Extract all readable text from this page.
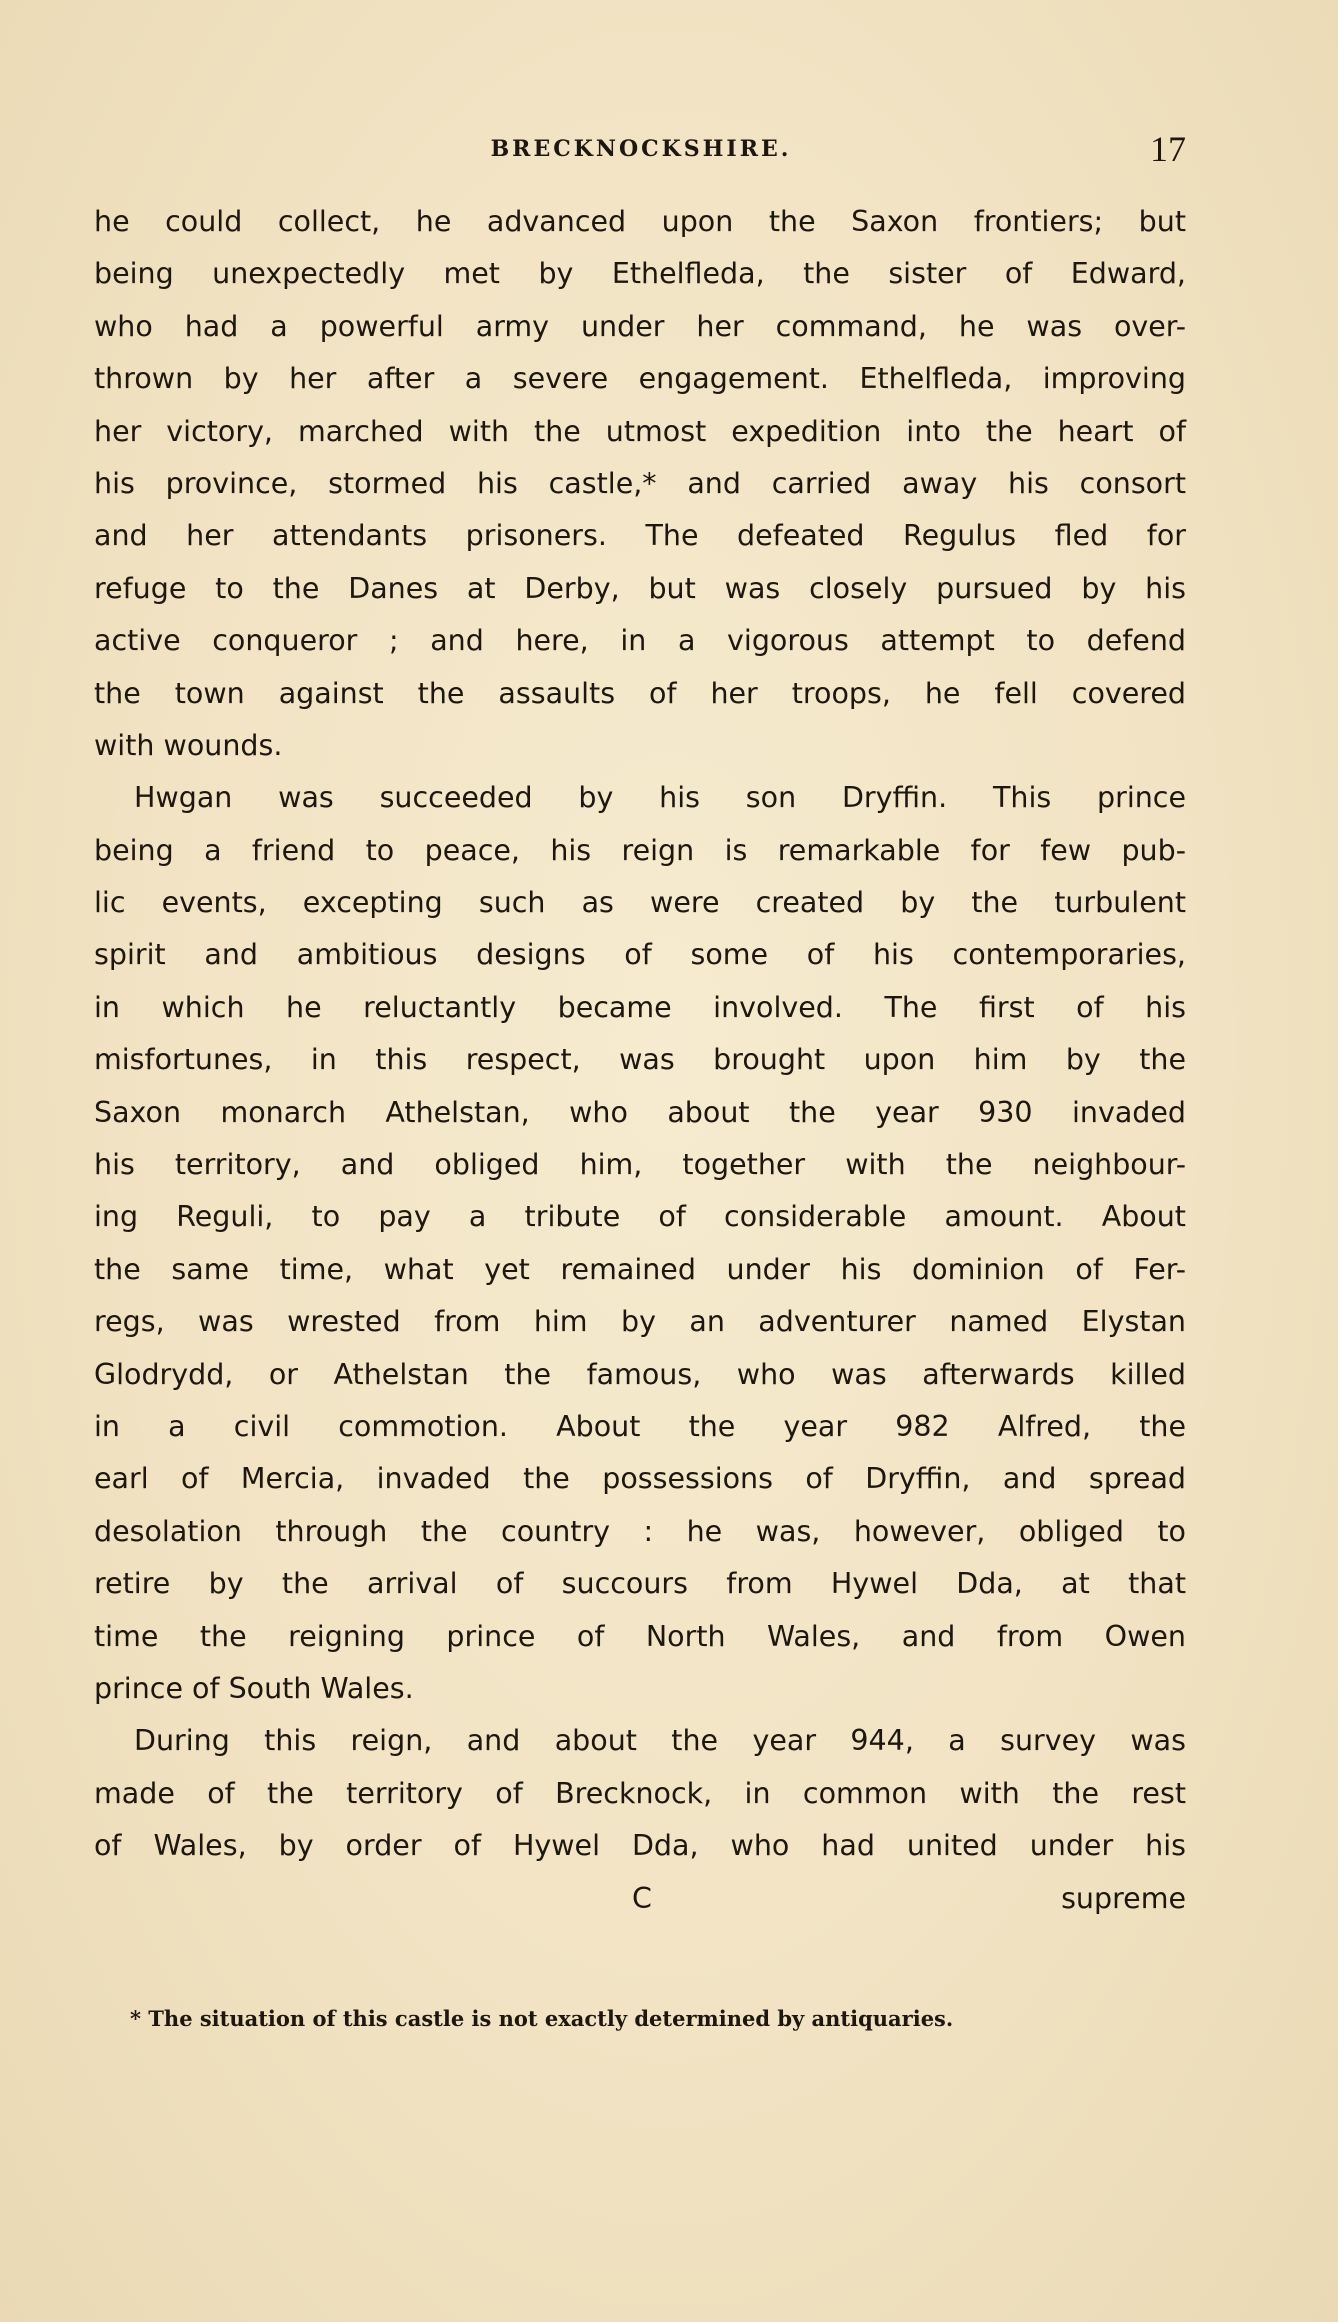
BRECKNOCKSHIRE.	17
he could collect, he advanced upon the Saxon frontiers; but
being unexpectedly met by Ethelfleda, the sister of Edward,
who had a powerful army under her command, he was over-
thrown by her after a severe engagement. Ethelfleda, improving
her victory, marched with the utmost expedition into the heart of
his province, stormed his castle,* and carried away his consort
and her attendants prisoners. The defeated Regulus fled for
refuge to the Danes at Derby, but was closely pursued by his
active conqueror ; and here, in a vigorous attempt to defend
the town against the assaults of her troops, he fell covered
with wounds.
Hwgan was succeeded by his son Dryffin. This prince
being a friend to peace, his reign is remarkable for few pub-
lic events, excepting such as were created by the turbulent
spirit and ambitious designs of some of his contemporaries,
in which he reluctantly became involved. The first of his
misfortunes, in this respect, was brought upon him by the
Saxon monarch Athelstan, who about the year 930 invaded
his territory, and obliged him, together with the neighbour-
ing Reguli, to pay a tribute of considerable amount. About
the same time, what yet remained under his dominion of Fer-
regs, was wrested from him by an adventurer named Elystan
Glodrydd, or Athelstan the famous, who was afterwards killed
in a civil commotion. About the year 982 Alfred, the
earl of Mercia, invaded the possessions of Dryffin, and spread
desolation through the country : he was, however, obliged to
retire by the arrival of succours from Hywel Dda, at that
time the reigning prince of North Wales, and from Owen
prince of South Wales.
During this reign, and about the year 944, a survey was
made of the territory of Brecknock, in common with the rest
of Wales, by order of Hywel Dda, who had united under his
C	supreme
* The situation of this castle is not exactly determined by antiquaries.
